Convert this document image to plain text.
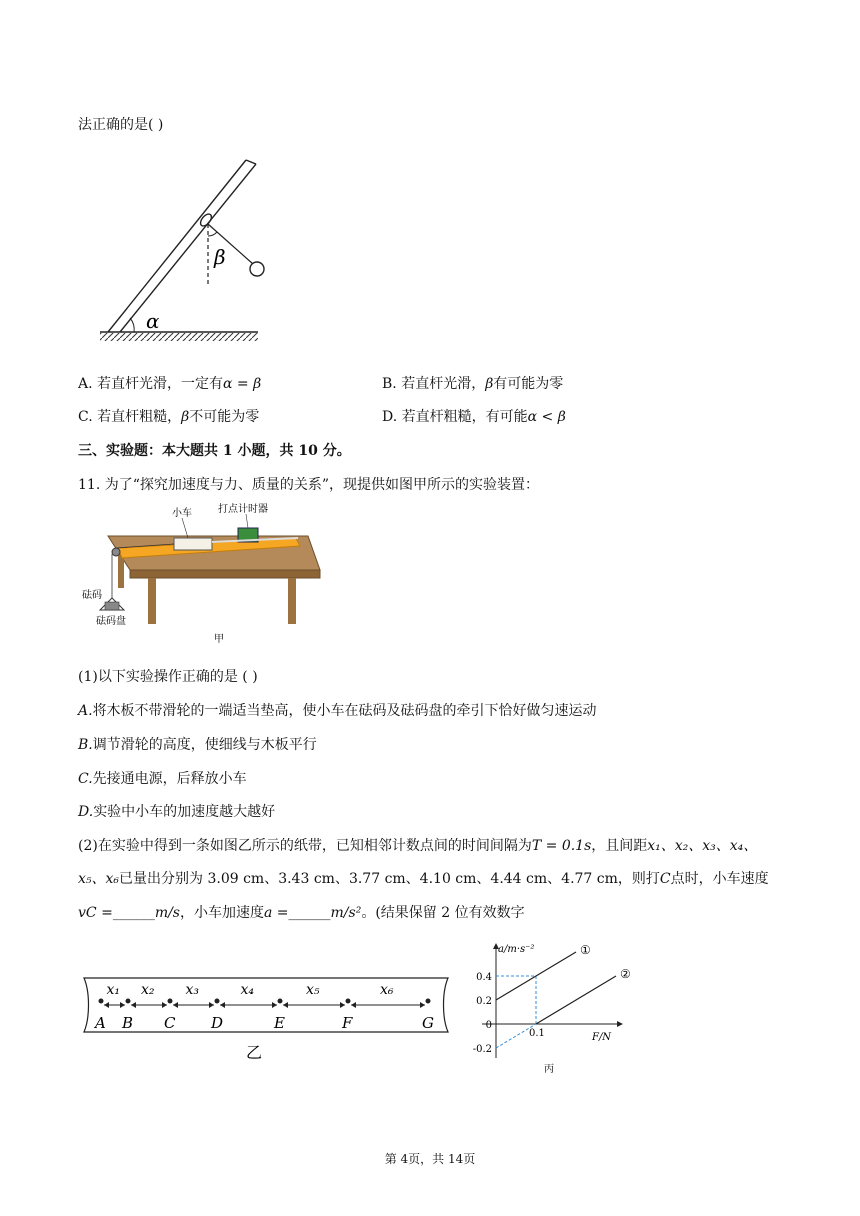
法正确的是( )
β
α
A. 若直杆光滑，一定有α = β	B. 若直杆光滑，β有可能为零
C. 若直杆粗糙，β不可能为零	D. 若直杆粗糙，有可能α < β
三、实验题：本大题共 1 小题，共 10 分。
11. 为了“探究加速度与力、质量的关系”，现提供如图甲所示的实验装置：
小车	打点计时器
砝码
砝码盘
甲
(1)以下实验操作正确的是 ( )
A.将木板不带滑轮的一端适当垫高，使小车在砝码及砝码盘的牵引下恰好做匀速运动
B.调节滑轮的高度，使细线与木板平行
C.先接通电源，后释放小车
D.实验中小车的加速度越大越好
(2)在实验中得到一条如图乙所示的纸带，已知相邻计数点间的时间间隔为T = 0.1s，且间距x₁、x₂、x₃、x₄、
x₅、x₆已量出分别为 3.09 cm、3.43 cm、3.77 cm、4.10 cm、4.44 cm、4.77 cm，则打C点时，小车速度
vC =______m/s，小车加速度a =______m/s²。(结果保留 2 位有效数字
A
x₁
B
x₂
C
x₃
D
x₄
E
x₅
F
x₆
G
乙
a/m·s⁻²
F/N
0.4
0.2
0
-0.2
0.1
①
②
丙
第 4页，共 14页
